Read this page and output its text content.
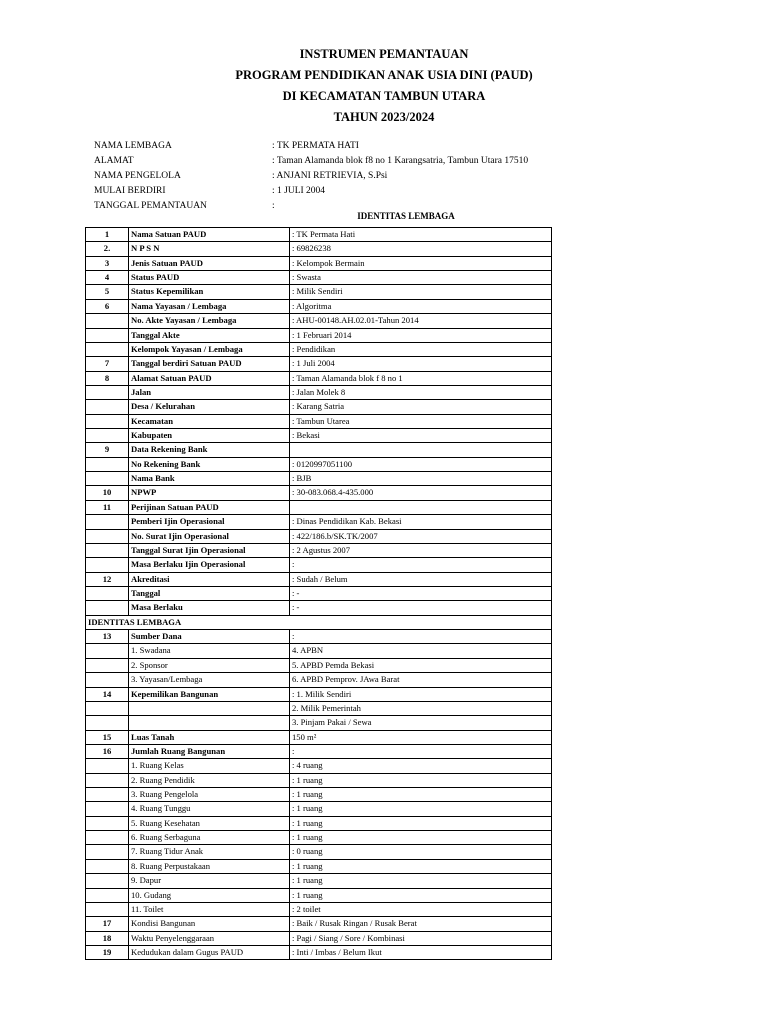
INSTRUMEN PEMANTAUAN
PROGRAM PENDIDIKAN ANAK USIA DINI (PAUD)
DI KECAMATAN TAMBUN UTARA
TAHUN 2023/2024
NAMA LEMBAGA	: TK PERMATA HATI
ALAMAT	: Taman Alamanda blok f8 no 1 Karangsatria, Tambun Utara 17510
NAMA PENGELOLA	: ANJANI RETRIEVIA, S.Psi
MULAI BERDIRI	: 1 JULI 2004
TANGGAL PEMANTAUAN	:
IDENTITAS LEMBAGA
1	Nama Satuan PAUD	: TK Permata Hati
2.	N P S N	: 69826238
3	Jenis Satuan PAUD	: Kelompok Bermain
4	Status PAUD	: Swasta
5	Status Kepemilikan	: Milik Sendiri
6	Nama Yayasan / Lembaga	: Algoritma
	No. Akte Yayasan / Lembaga	: AHU-00148.AH.02.01-Tahun 2014
	Tanggal Akte	: 1 Februari 2014
	Kelompok Yayasan / Lembaga	: Pendidikan
7	Tanggal berdiri Satuan PAUD	: 1 Juli 2004
8	Alamat Satuan PAUD	: Taman Alamanda blok f 8 no 1
	Jalan	: Jalan Molek 8
	Desa / Kelurahan	: Karang Satria
	Kecamatan	: Tambun Utarea
	Kabupaten	: Bekasi
9	Data Rekening Bank	
	No Rekening Bank	: 0120997051100
	Nama Bank	: BJB
10	NPWP	: 30-083.068.4-435.000
11	Perijinan Satuan PAUD	
	Pemberi Ijin Operasional	: Dinas Pendidikan Kab. Bekasi
	No. Surat Ijin Operasional	: 422/186.b/SK.TK/2007
	Tanggal Surat Ijin Operasional	: 2 Agustus 2007
	Masa Berlaku Ijin Operasional	:
12	Akreditasi	: Sudah / Belum
	Tanggal	: -
	Masa Berlaku	: -
IDENTITAS LEMBAGA		
13	Sumber Dana	:
	1. Swadana	4. APBN
	2. Sponsor	5. APBD Pemda Bekasi
	3. Yayasan/Lembaga	6. APBD Pemprov. JAwa Barat
14	Kepemilikan Bangunan	: 1. Milik Sendiri
		2. Milik Pemerintah
		3. Pinjam Pakai / Sewa
15	Luas Tanah	150 m²
16	Jumlah Ruang Bangunan	:
	1. Ruang Kelas	: 4 ruang
	2. Ruang Pendidik	: 1 ruang
	3. Ruang Pengelola	: 1 ruang
	4. Ruang Tunggu	: 1 ruang
	5. Ruang Kesehatan	: 1 ruang
	6. Ruang Serbaguna	: 1 ruang
	7. Ruang Tidur Anak	: 0 ruang
	8. Ruang Perpustakaan	: 1 ruang
	9. Dapur	: 1 ruang
	10. Gudang	: 1 ruang
	11. Toilet	: 2 toilet
17	Kondisi Bangunan	: Baik / Rusak Ringan / Rusak Berat
18	Waktu Penyelenggaraan	: Pagi / Siang / Sore / Kombinasi
19	Kedudukan dalam Gugus PAUD	: Inti / Imbas / Belum Ikut
